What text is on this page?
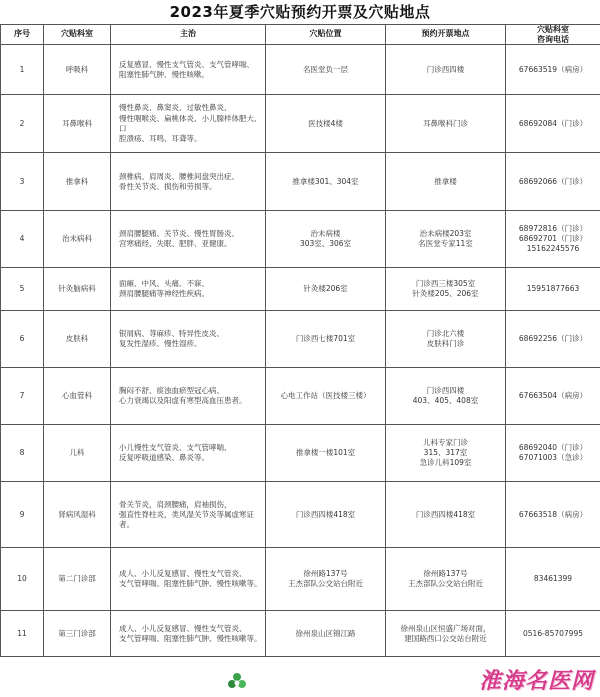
2023年夏季穴贴预约开票及穴贴地点
序号	穴贴科室	主治	穴贴位置	预约开票地点	穴贴科室
咨询电话

1	呼吸科	反复感冒、慢性支气管炎、支气管哮喘、
阻塞性肺气肿、慢性咳嗽。	名医堂负一层	门诊西四楼	67663519（病房）
2	耳鼻喉科	慢性鼻炎、鼻窦炎、过敏性鼻炎、
慢性咽喉炎、扁桃体炎、小儿腺样体肥大、口
腔溃疡、耳鸣、耳聋等。	医技楼4楼	耳鼻喉科门诊	68692084（门诊）
3	推拿科	颈椎病、肩周炎、腰椎间盘突出症、
骨性关节炎、损伤和劳损等。	推拿楼301、304室	推拿楼	68692066（门诊）
4	治未病科	颈肩腰腿痛、关节炎、慢性胃肠炎、
宫寒痛经、失眠、肥胖、亚健康。	治未病楼
303室、306室	治未病楼203室
名医堂专家11室	68972816（门诊）
68692701（门诊）
15162245576
5	针灸脑病科	面瘫、中风、头痛、不寐、
颈肩腰腿痛等神经性疾病。	针灸楼206室	门诊西三楼305室
针灸楼205、206室	15951877663
6	皮肤科	银屑病、荨麻疹、特异性皮炎、
复发性湿疹、慢性湿疹。	门诊西七楼701室	门诊北六楼
皮肤科门诊	68692256（门诊）
7	心血管科	胸闷不舒、痰浊血瘀型冠心病、
心力衰竭以及阳虚有寒型高血压患者。	心电工作站（医技楼三楼）	门诊西四楼
403、405、408室	67663504（病房）
8	儿科	小儿慢性支气管炎、支气管哮喘、
反复呼吸道感染、鼻炎等。	推拿楼一楼101室	儿科专家门诊
315、317室
急诊儿科109室	68692040（门诊）
67071003（急诊）
9	肾病风湿科	骨关节炎，肩颈腰痛，肩袖损伤，
强直性脊柱炎，类风湿关节炎等属虚寒证者。	门诊西四楼418室	门诊西四楼418室	67663518（病房）
10	第二门诊部	成人、小儿反复感冒、慢性支气管炎、
支气管哮喘、阻塞性肺气肿、慢性咳嗽等。	徐州路137号
王杰部队公交站台附近	徐州路137号
王杰部队公交站台附近	83461399
11	第三门诊部	成人、小儿反复感冒、慢性支气管炎、
支气管哮喘、阻塞性肺气肿、慢性咳嗽等。	徐州泉山区锦江路	徐州泉山区恒盛广场对面，
建国路西口公交站台附近	0516-85707995
淮海名医网
